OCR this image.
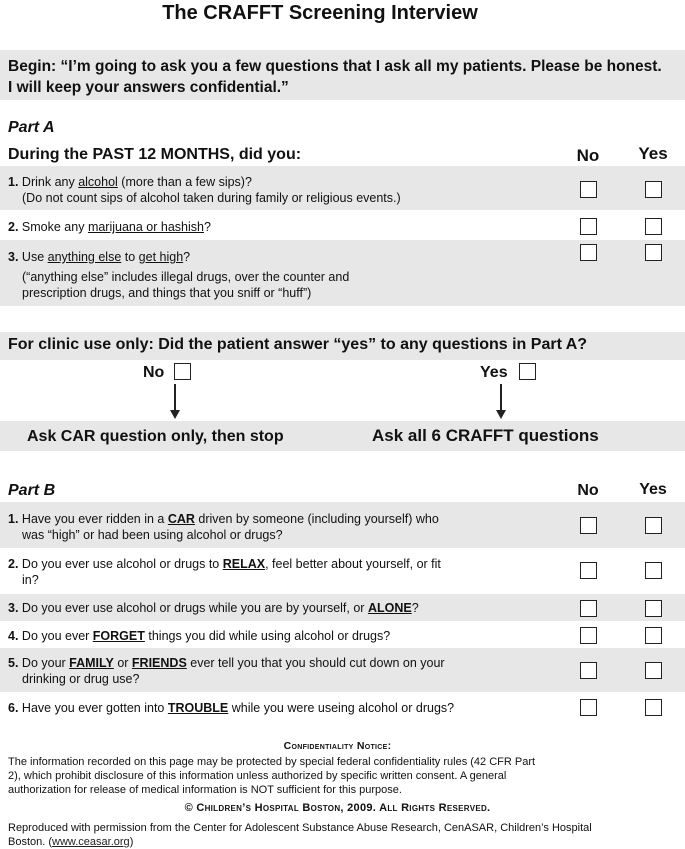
The CRAFFT Screening Interview
Begin: “I’m going to ask you a few questions that I ask all my patients. Please be honest.
I will keep your answers confidential.”
Part A
During the PAST 12 MONTHS, did you:	No	Yes
1. Drink any alcohol (more than a few sips)?
(Do not count sips of alcohol taken during family or religious events.)
2. Smoke any marijuana or hashish?
3. Use anything else to get high?
(“anything else” includes illegal drugs, over the counter and
prescription drugs, and things that you sniff or “huff”)
For clinic use only: Did the patient answer “yes” to any questions in Part A?
No	Yes
Ask CAR question only, then stop	Ask all 6 CRAFFT questions
Part B	No	Yes
1. Have you ever ridden in a CAR driven by someone (including yourself) who
was “high” or had been using alcohol or drugs?
2. Do you ever use alcohol or drugs to RELAX, feel better about yourself, or fit
in?
3. Do you ever use alcohol or drugs while you are by yourself, or ALONE?
4. Do you ever FORGET things you did while using alcohol or drugs?
5. Do your FAMILY or FRIENDS ever tell you that you should cut down on your
drinking or drug use?
6. Have you ever gotten into TROUBLE while you were useing alcohol or drugs?
Confidentiality Notice:
The information recorded on this page may be protected by special federal confidentiality rules (42 CFR Part
2), which prohibit disclosure of this information unless authorized by specific written consent. A general
authorization for release of medical information is NOT sufficient for this purpose.
© Children’s Hospital Boston, 2009. All Rights Reserved.
Reproduced with permission from the Center for Adolescent Substance Abuse Research, CenASAR, Children’s Hospital
Boston. (www.ceasar.org)
